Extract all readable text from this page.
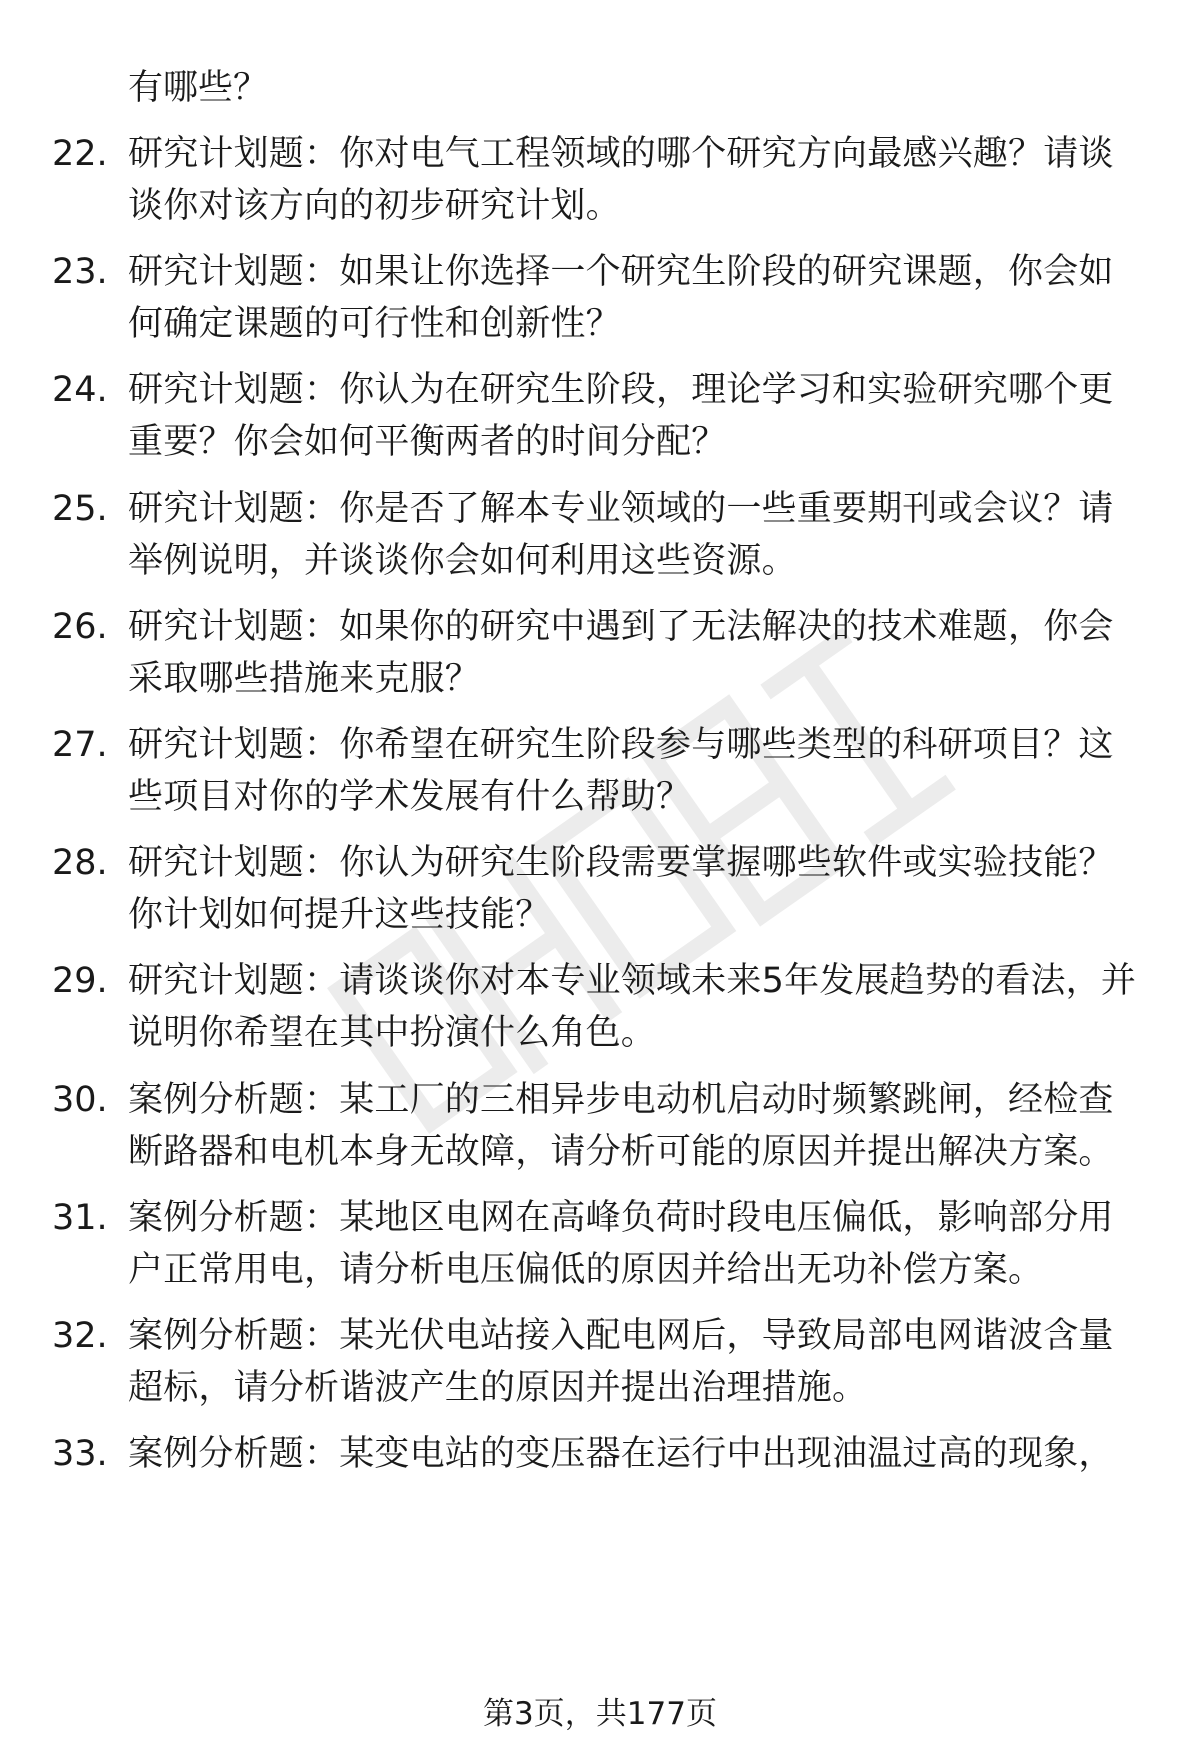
有哪些？

22. 研究计划题：你对电气工程领域的哪个研究方向最感兴趣？请谈谈你对该方向的初步研究计划。
23. 研究计划题：如果让你选择一个研究生阶段的研究课题，你会如何确定课题的可行性和创新性？
24. 研究计划题：你认为在研究生阶段，理论学习和实验研究哪个更重要？你会如何平衡两者的时间分配？
25. 研究计划题：你是否了解本专业领域的一些重要期刊或会议？请举例说明，并谈谈你会如何利用这些资源。
26. 研究计划题：如果你的研究中遇到了无法解决的技术难题，你会采取哪些措施来克服？
27. 研究计划题：你希望在研究生阶段参与哪些类型的科研项目？这些项目对你的学术发展有什么帮助？
28. 研究计划题：你认为研究生阶段需要掌握哪些软件或实验技能？你计划如何提升这些技能？
29. 研究计划题：请谈谈你对本专业领域未来5年发展趋势的看法，并说明你希望在其中扮演什么角色。
30. 案例分析题：某工厂的三相异步电动机启动时频繁跳闸，经检查断路器和电机本身无故障，请分析可能的原因并提出解决方案。
31. 案例分析题：某地区电网在高峰负荷时段电压偏低，影响部分用户正常用电，请分析电压偏低的原因并给出无功补偿方案。
32. 案例分析题：某光伏电站接入配电网后，导致局部电网谐波含量超标，请分析谐波产生的原因并提出治理措施。
33. 案例分析题：某变电站的变压器在运行中出现油温过高的现象，
第3页，共177页
